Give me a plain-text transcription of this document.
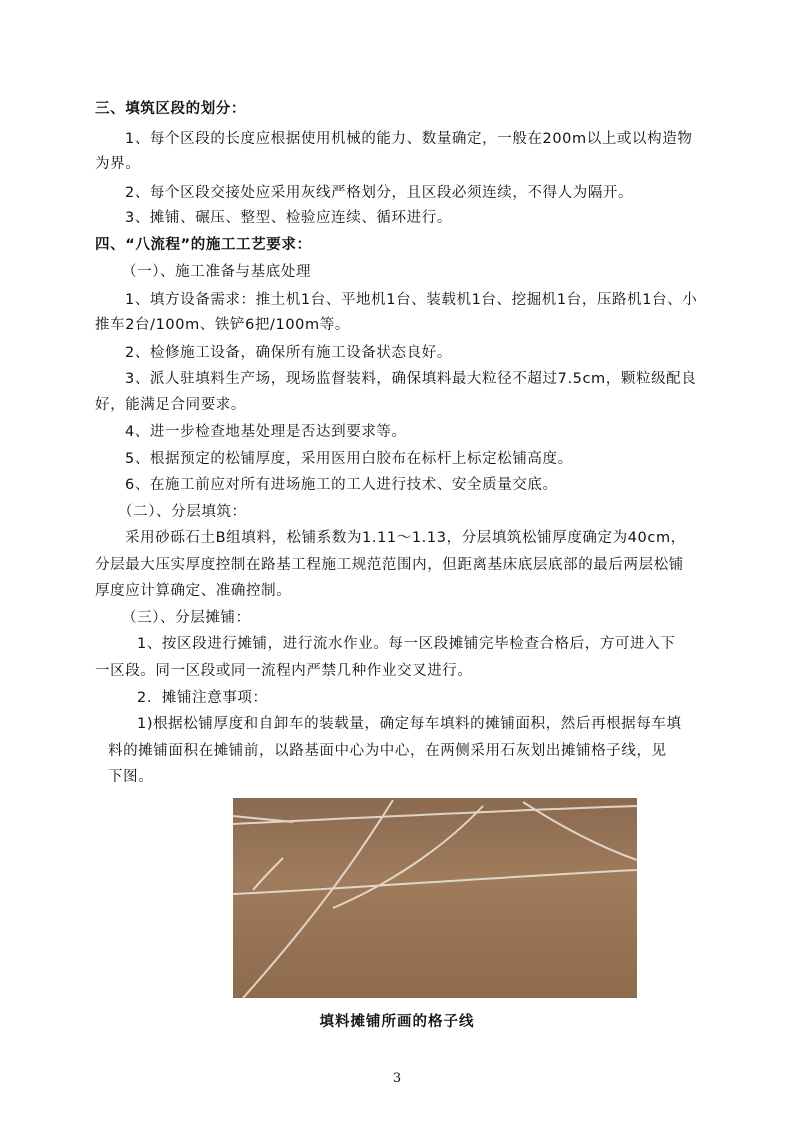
三、填筑区段的划分：
1、每个区段的长度应根据使用机械的能力、数量确定，一般在200m以上或以构造物
为界。
2、每个区段交接处应采用灰线严格划分，且区段必须连续，不得人为隔开。
3、摊铺、碾压、整型、检验应连续、循环进行。
四、“八流程”的施工工艺要求：
（一）、施工准备与基底处理
1、填方设备需求：推土机1台、平地机1台、装载机1台、挖掘机1台，压路机1台、小
推车2台/100m、铁铲6把/100m等。
2、检修施工设备，确保所有施工设备状态良好。
3、派人驻填料生产场，现场监督装料，确保填料最大粒径不超过7.5cm，颗粒级配良
好，能满足合同要求。
4、进一步检查地基处理是否达到要求等。
5、根据预定的松铺厚度，采用医用白胶布在标杆上标定松铺高度。
6、在施工前应对所有进场施工的工人进行技术、安全质量交底。
（二）、分层填筑：
采用砂砾石土B组填料，松铺系数为1.11～1.13，分层填筑松铺厚度确定为40cm，
分层最大压实厚度控制在路基工程施工规范范围内，但距离基床底层底部的最后两层松铺
厚度应计算确定、准确控制。
（三）、分层摊铺：
1、按区段进行摊铺，进行流水作业。每一区段摊铺完毕检查合格后，方可进入下
一区段。同一区段或同一流程内严禁几种作业交叉进行。
2．摊铺注意事项：
1)根据松铺厚度和自卸车的装载量，确定每车填料的摊铺面积，然后再根据每车填
料的摊铺面积在摊铺前，以路基面中心为中心，在两侧采用石灰划出摊铺格子线，见
下图。
填料摊铺所画的格子线
3
